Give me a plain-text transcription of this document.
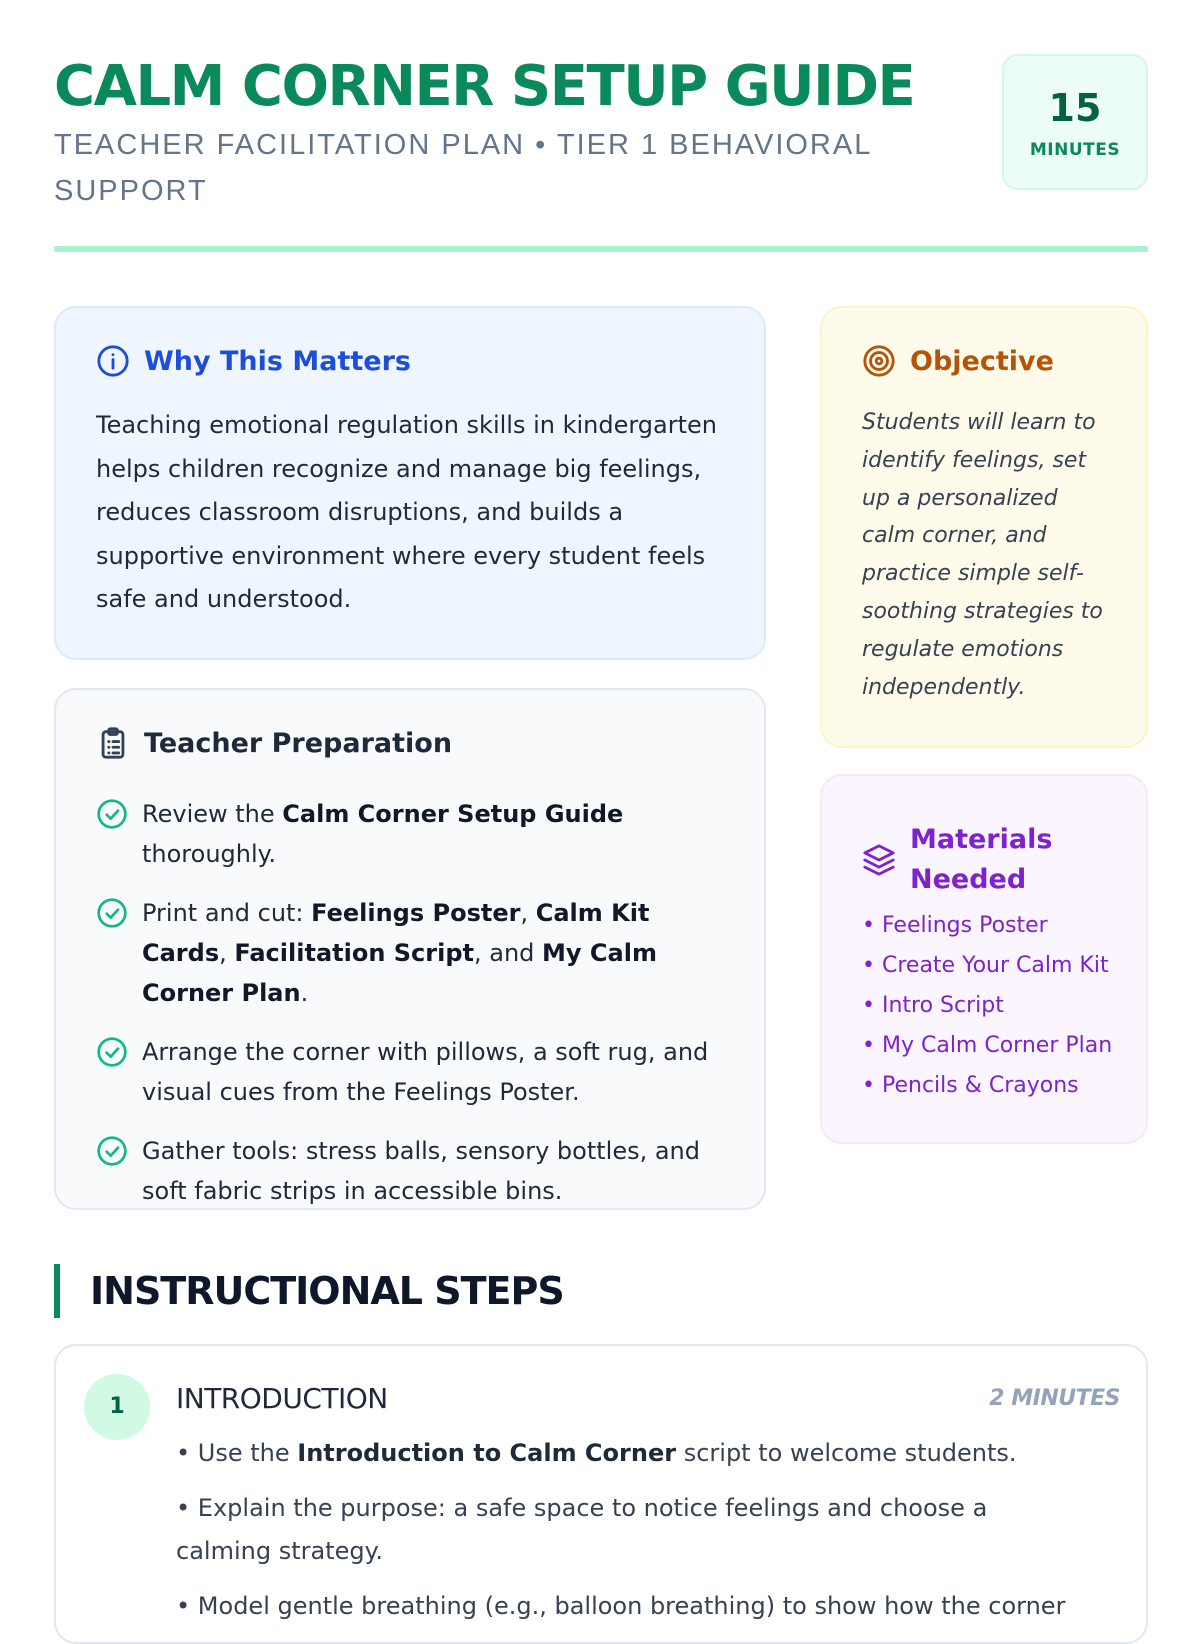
CALM CORNER SETUP GUIDE
TEACHER FACILITATION PLAN • TIER 1 BEHAVIORAL SUPPORT
15
MINUTES
Why This Matters

Teaching emotional regulation skills in kindergarten helps children recognize and manage big feelings, reduces classroom disruptions, and builds a supportive environment where every student feels safe and understood.

Teacher Preparation
Review the Calm Corner Setup Guide thoroughly.
Print and cut: Feelings Poster, Calm Kit Cards, Facilitation Script, and My Calm Corner Plan.
Arrange the corner with pillows, a soft rug, and visual cues from the Feelings Poster.
Gather tools: stress balls, sensory bottles, and soft fabric strips in accessible bins.
Objective

Students will learn to identify feelings, set up a personalized calm corner, and practice simple self-soothing strategies to regulate emotions independently.

Materials Needed
• Feelings Poster
• Create Your Calm Kit
• Intro Script
• My Calm Corner Plan
• Pencils & Crayons
INSTRUCTIONAL STEPS
1	INTRODUCTION	2 MINUTES
• Use the Introduction to Calm Corner script to welcome students.
• Explain the purpose: a safe space to notice feelings and choose a calming strategy.
• Model gentle breathing (e.g., balloon breathing) to show how the corner
